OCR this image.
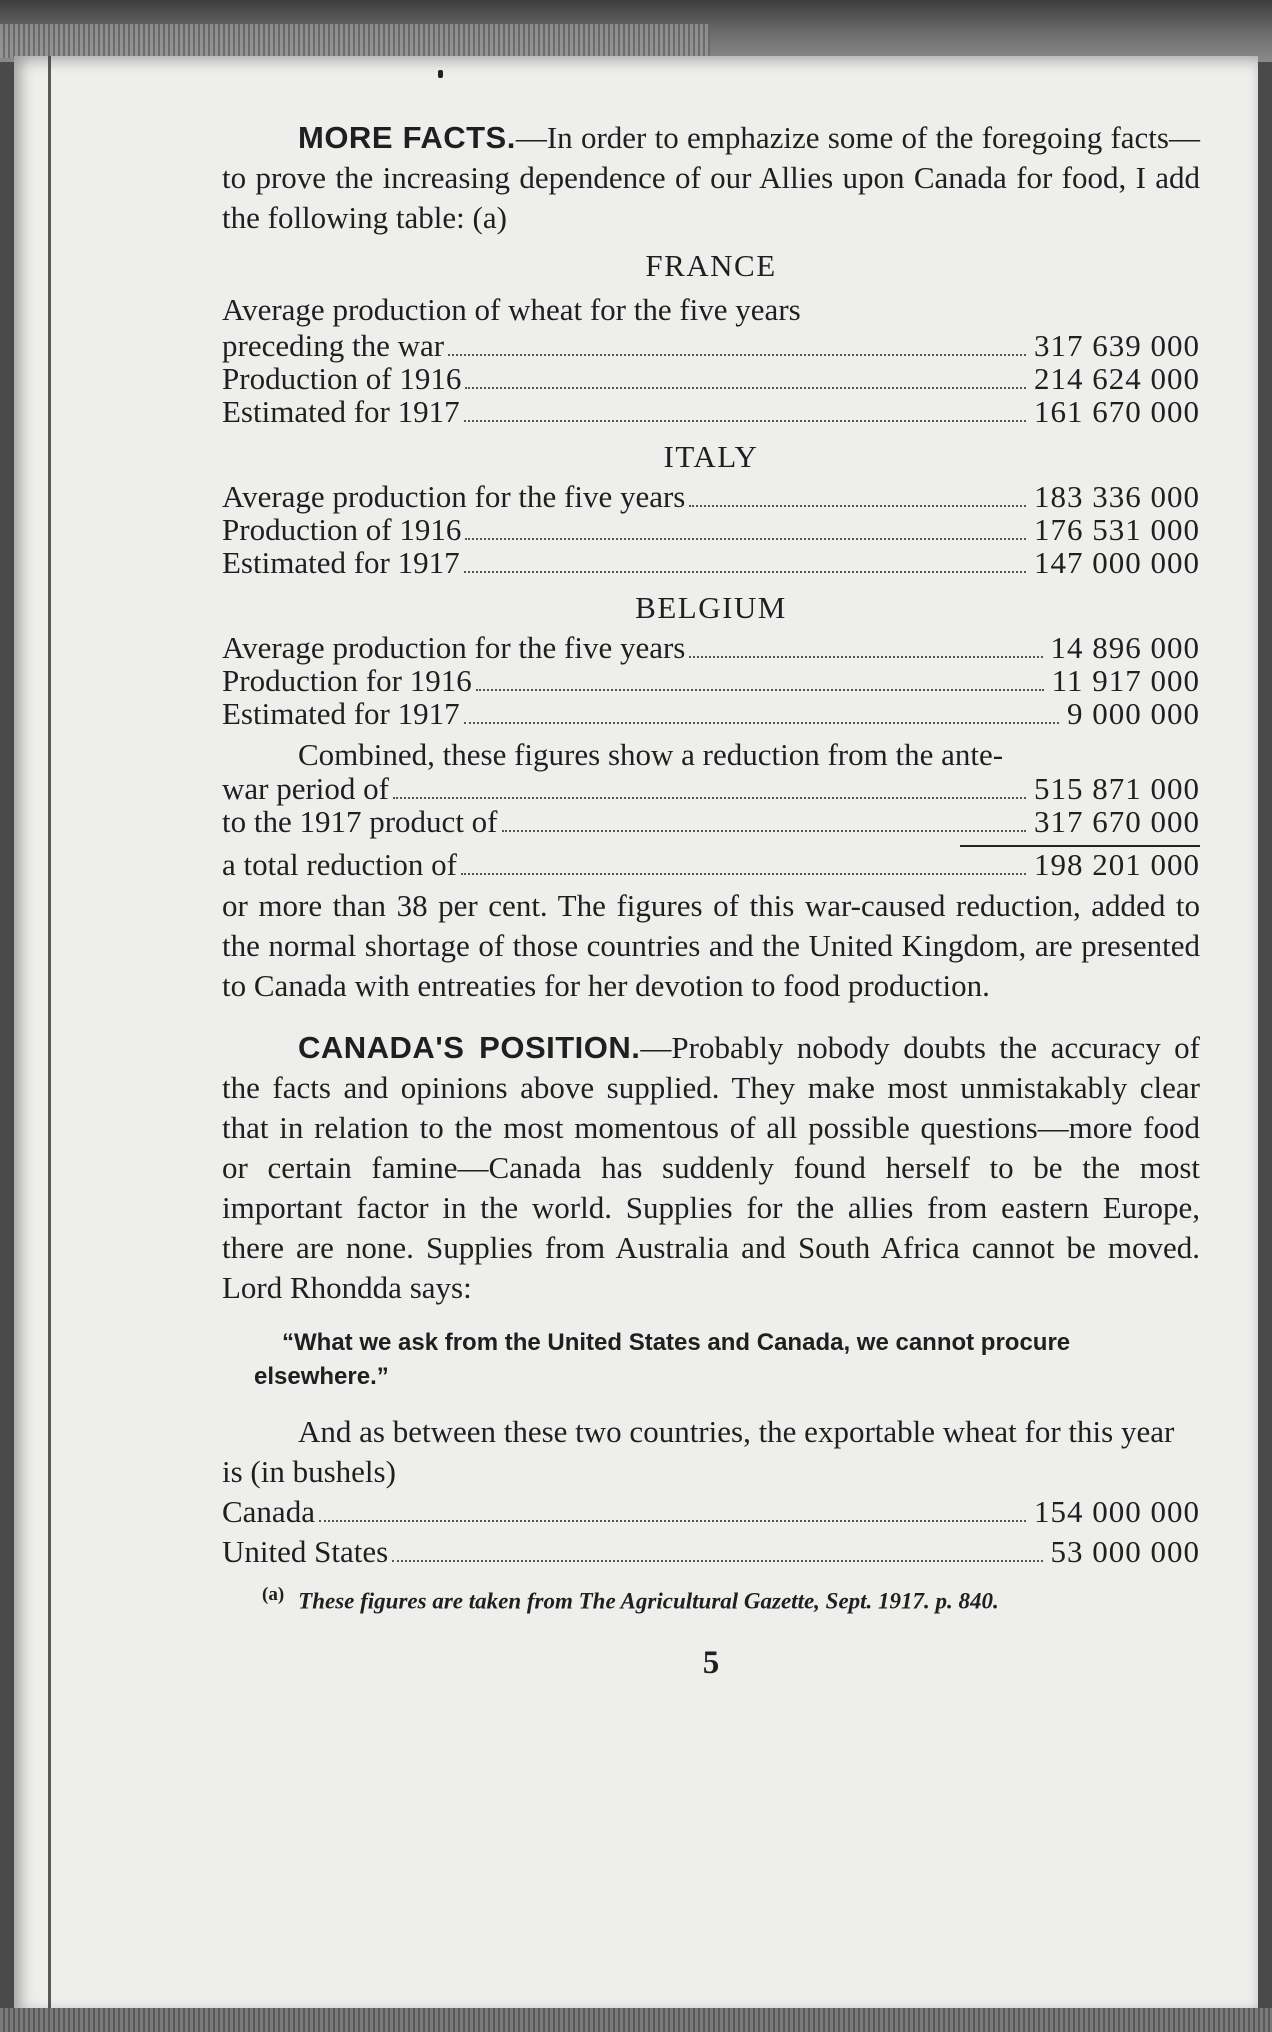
MORE FACTS.—In order to emphazize some of the foregoing facts—to prove the increasing dependence of our Allies upon Canada for food, I add the following table: (a)

FRANCE

Average production of wheat for the five years

preceding the war	317 639 000
Production of 1916	214 624 000
Estimated for 1917	161 670 000
ITALY
Average production for the five years	183 336 000
Production of 1916	176 531 000
Estimated for 1917	147 000 000
BELGIUM
Average production for the five years	14 896 000
Production for 1916	11 917 000
Estimated for 1917	9 000 000

Combined, these figures show a reduction from the ante-

war period of	515 871 000
to the 1917 product of	317 670 000
a total reduction of	198 201 000

or more than 38 per cent. The figures of this war-caused reduction, added to the normal shortage of those countries and the United Kingdom, are presented to Canada with entreaties for her devotion to food production.

CANADA'S POSITION.—Probably nobody doubts the accuracy of the facts and opinions above supplied. They make most unmistakably clear that in relation to the most momentous of all possible questions—more food or certain famine—Canada has suddenly found herself to be the most important factor in the world. Supplies for the allies from eastern Europe, there are none. Supplies from Australia and South Africa cannot be moved. Lord Rhondda says:

“What we ask from the United States and Canada, we cannot procure elsewhere.”

And as between these two countries, the exportable wheat for this year is (in bushels)

Canada	154 000 000
United States	53 000 000

$^{(a)}$ These figures are taken from The Agricultural Gazette, Sept. 1917. p. 840.

5
